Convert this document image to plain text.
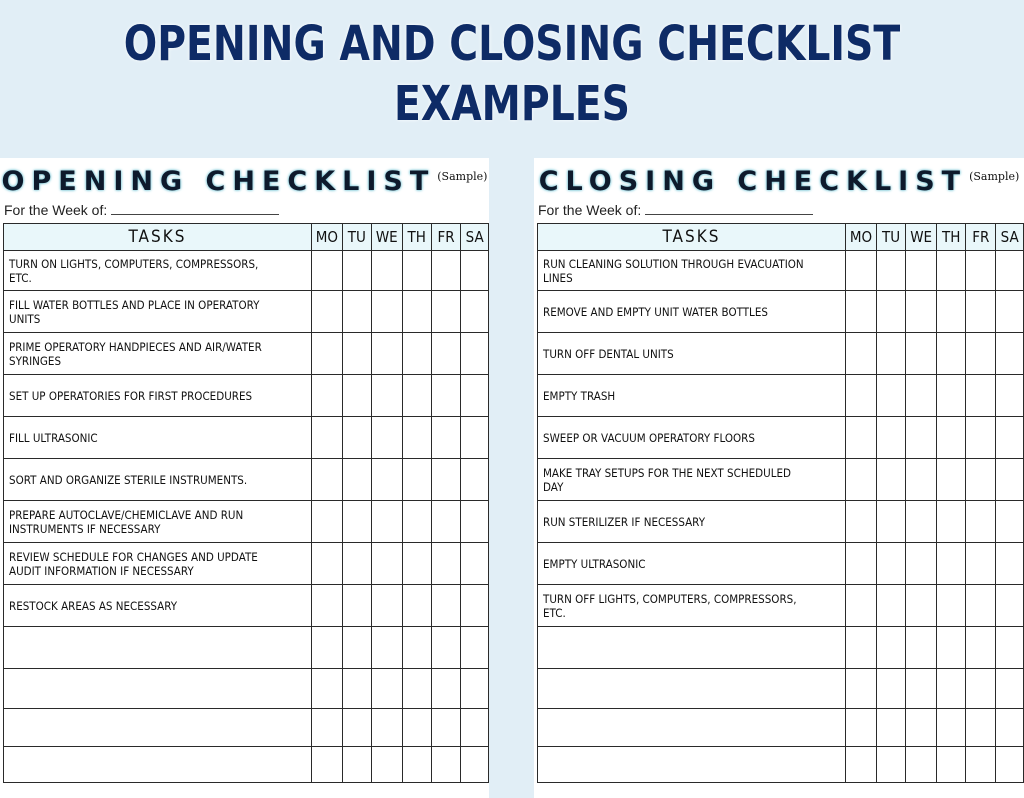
OPENING AND CLOSING CHECKLIST
EXAMPLES
OPENING CHECKLIST $^{(Sample)}$
For the Week of:
TASKS	MO	TU	WE	TH	FR	SA
TURN ON LIGHTS, COMPUTERS, COMPRESSORS, ETC.						
FILL WATER BOTTLES AND PLACE IN OPERATORY UNITS						
PRIME OPERATORY HANDPIECES AND AIR/WATER SYRINGES						
SET UP OPERATORIES FOR FIRST PROCEDURES						
FILL ULTRASONIC						
SORT AND ORGANIZE STERILE INSTRUMENTS.						
PREPARE AUTOCLAVE/CHEMICLAVE AND RUN INSTRUMENTS IF NECESSARY						
REVIEW SCHEDULE FOR CHANGES AND UPDATE AUDIT INFORMATION IF NECESSARY						
RESTOCK AREAS AS NECESSARY						

CLOSING CHECKLIST $^{(Sample)}$
For the Week of:
TASKS	MO	TU	WE	TH	FR	SA
RUN CLEANING SOLUTION THROUGH EVACUATION LINES						
REMOVE AND EMPTY UNIT WATER BOTTLES						
TURN OFF DENTAL UNITS						
EMPTY TRASH						
SWEEP OR VACUUM OPERATORY FLOORS						
MAKE TRAY SETUPS FOR THE NEXT SCHEDULED DAY						
RUN STERILIZER IF NECESSARY						
EMPTY ULTRASONIC						
TURN OFF LIGHTS, COMPUTERS, COMPRESSORS, ETC.						
